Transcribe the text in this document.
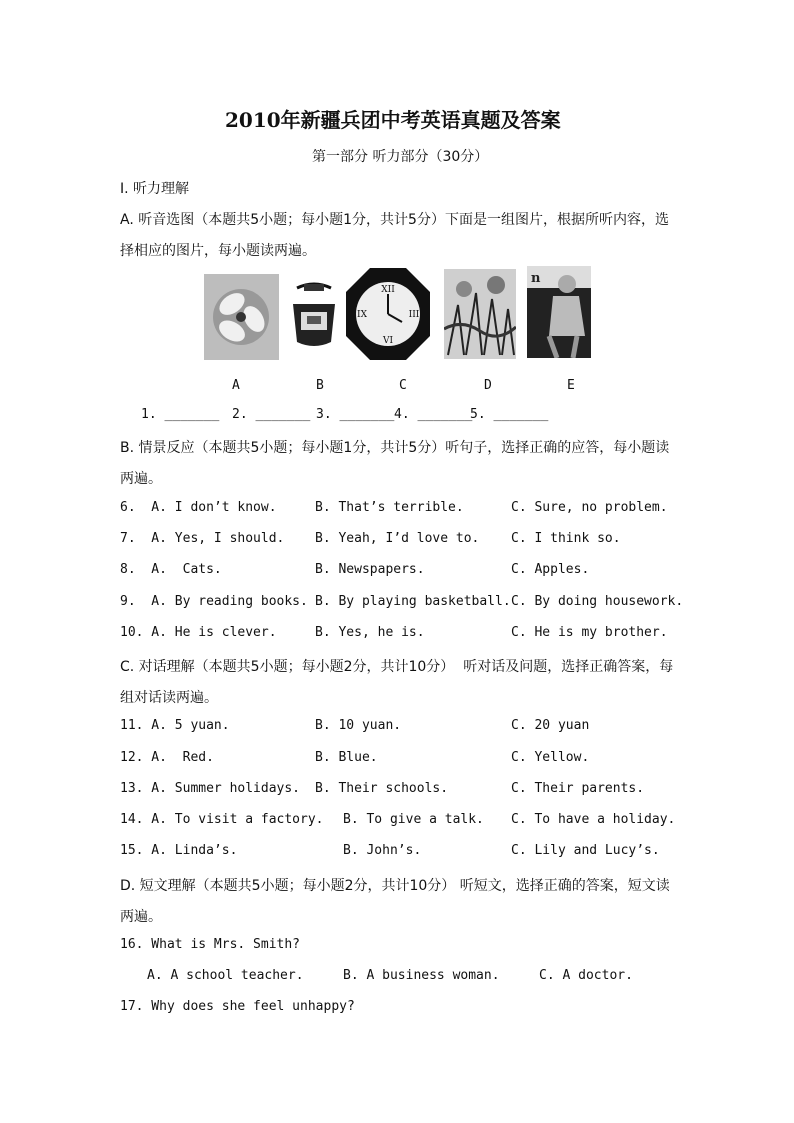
2010年新疆兵团中考英语真题及答案
第一部分 听力部分（30分）
Ⅰ. 听力理解
A. 听音选图（本题共5小题；每小题1分，共计5分）下面是一组图片，根据所听内容，选
择相应的图片，每小题读两遍。
XII
III
VI
IX
n
A	B	C	D	E
1. _______ 2. _______ 3. _______ 4. _______
5. _______
B. 情景反应（本题共5小题；每小题1分，共计5分）听句子，选择正确的应答，每小题读
两遍。
6.  A. I don’t know.	B. That’s terrible.	C. Sure, no problem.
7.  A. Yes, I should. B. Yeah, I’d love to. C. I think so.
8.  A.  Cats.	B. Newspapers.	C. Apples.
9.  A. By reading books. B. By playing basketball. C. By doing housework.
10. A. He is clever.	B. Yes, he is.	C. He is my brother.
C. 对话理解（本题共5小题；每小题2分，共计10分）  听对话及问题，选择正确答案，每
组对话读两遍。
11. A. 5 yuan.	B. 10 yuan.	C. 20 yuan
12. A.  Red.	B. Blue.	C. Yellow.
13. A. Summer holidays. B. Their schools.	C. Their parents.
14. A. To visit a factory. B. To give a talk. C. To have a holiday.
15. A. Linda’s.	B. John’s.	C. Lily and Lucy’s.
D. 短文理解（本题共5小题；每小题2分，共计10分） 听短文，选择正确的答案，短文读
两遍。
16. What is Mrs. Smith?
A. A school teacher.	B. A business woman.	C. A doctor.
17. Why does she feel unhappy?
